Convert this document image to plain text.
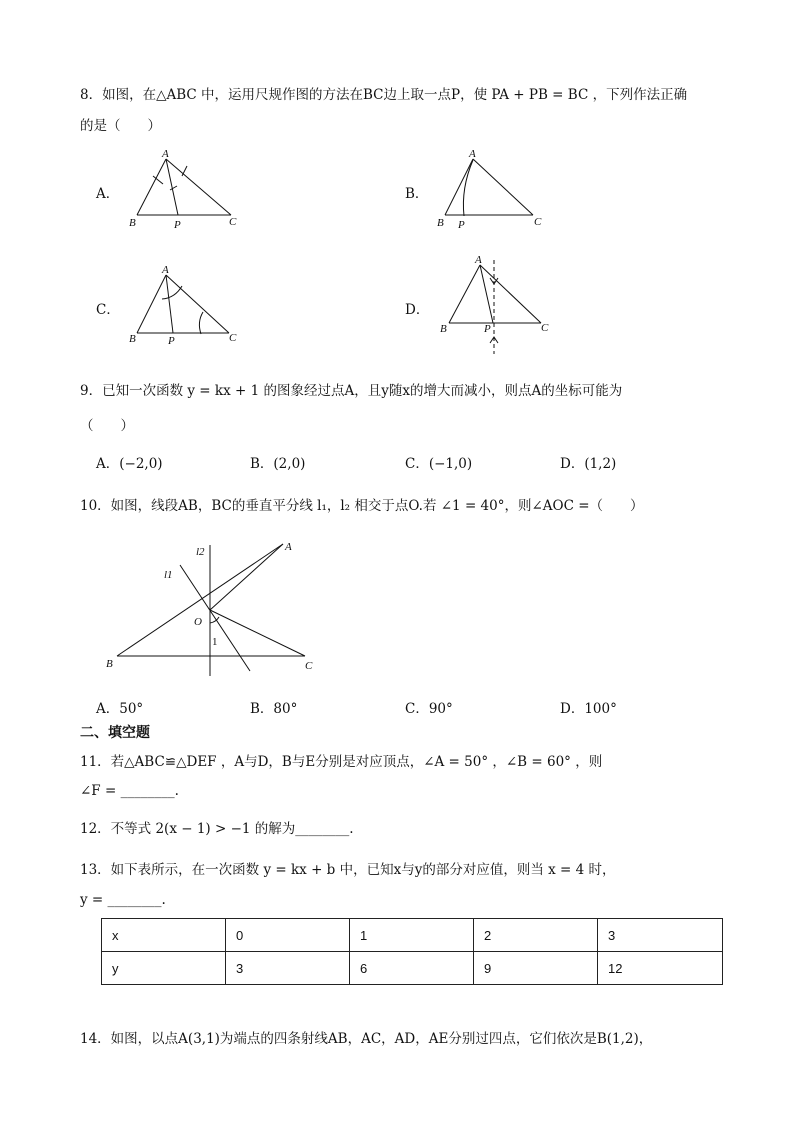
8．如图，在△ABC 中，运用尺规作图的方法在BC边上取一点P，使 PA + PB = BC ，下列作法正确
的是（　　）
A．
A
B	C
P
B．
A
B	C
P
C．
A
B	C
P
D．
A
B	C
P
9．已知一次函数 y = kx + 1 的图象经过点A，且y随x的增大而减小，则点A的坐标可能为
（　　）
A．(−2,0)	B．(2,0)	C．(−1,0)	D．(1,2)
10．如图，线段AB，BC的垂直平分线 l₁，l₂ 相交于点O.若 ∠1 = 40°，则∠AOC =（　　）
A
B	C
O
l2
l1
1
A．50°	B．80°	C．90°	D．100°
二、填空题
11．若△ABC≌△DEF ，A与D，B与E分别是对应顶点，∠A = 50° ，∠B = 60° ，则
∠F = ________.
12．不等式 2(x − 1) > −1 的解为________.
13．如下表所示，在一次函数 y = kx + b 中，已知x与y的部分对应值，则当 x = 4 时，
y = ________.
x	0	1	2	3
y	3	6	9	12
14．如图，以点A(3,1)为端点的四条射线AB，AC，AD，AE分别过四点，它们依次是B(1,2)，
